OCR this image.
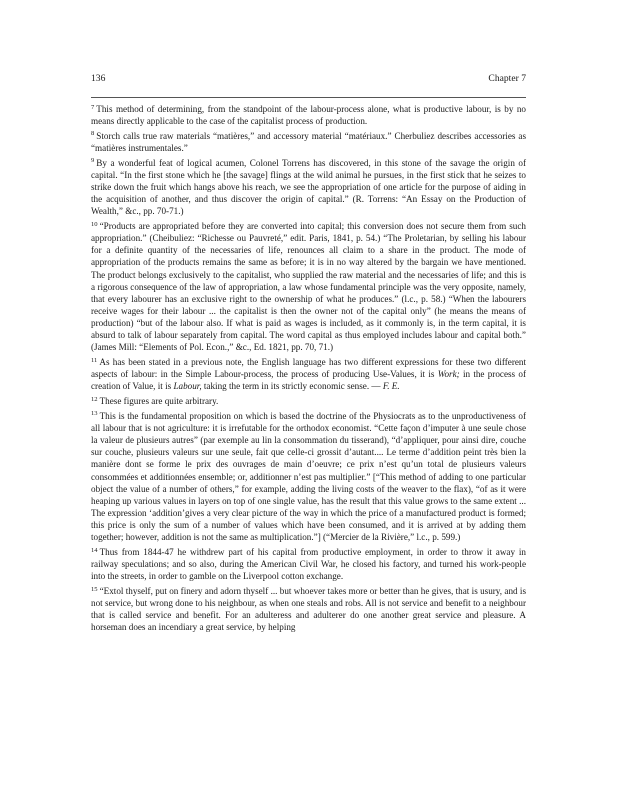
136	Chapter 7

$^7$ This method of determining, from the standpoint of the labour-process alone, what is productive labour, is by no means directly applicable to the case of the capitalist process of production.

$^8$ Storch calls true raw materials “matières,” and accessory material “matériaux.” Cherbuliez describes accessories as “matières instrumentales.”

$^9$ By a wonderful feat of logical acumen, Colonel Torrens has discovered, in this stone of the savage the origin of capital. “In the first stone which he [the savage] flings at the wild animal he pursues, in the first stick that he seizes to strike down the fruit which hangs above his reach, we see the appropriation of one article for the purpose of aiding in the acquisition of another, and thus discover the origin of capital.” (R. Torrens: “An Essay on the Production of Wealth,” &c., pp. 70-71.)

$^{10}$ “Products are appropriated before they are converted into capital; this conversion does not secure them from such appropriation.” (Cheibuliez: “Richesse ou Pauvreté,” edit. Paris, 1841, p. 54.) “The Proletarian, by selling his labour for a definite quantity of the necessaries of life, renounces all claim to a share in the product. The mode of appropriation of the products remains the same as before; it is in no way altered by the bargain we have mentioned. The product belongs exclusively to the capitalist, who supplied the raw material and the necessaries of life; and this is a rigorous consequence of the law of appropriation, a law whose fundamental principle was the very opposite, namely, that every labourer has an exclusive right to the ownership of what he produces.” (l.c., p. 58.) “When the labourers receive wages for their labour ... the capitalist is then the owner not of the capital only” (he means the means of production) “but of the labour also. If what is paid as wages is included, as it commonly is, in the term capital, it is absurd to talk of labour separately from capital. The word capital as thus employed includes labour and capital both.” (James Mill: “Elements of Pol. Econ.,” &c., Ed. 1821, pp. 70, 71.)

$^{11}$ As has been stated in a previous note, the English language has two different expressions for these two different aspects of labour: in the Simple Labour-process, the process of producing Use-Values, it is Work; in the process of creation of Value, it is Labour, taking the term in its strictly economic sense. — F. E.

$^{12}$ These figures are quite arbitrary.

$^{13}$ This is the fundamental proposition on which is based the doctrine of the Physiocrats as to the unproductiveness of all labour that is not agriculture: it is irrefutable for the orthodox economist. “Cette façon d’imputer à une seule chose la valeur de plusieurs autres” (par exemple au lin la consommation du tisserand), “d’appliquer, pour ainsi dire, couche sur couche, plusieurs valeurs sur une seule, fait que celle-ci grossit d’autant.... Le terme d’addition peint très bien la manière dont se forme le prix des ouvrages de main d’oeuvre; ce prix n’est qu’un total de plusieurs valeurs consommées et additionnées ensemble; or, additionner n’est pas multiplier.” [“This method of adding to one particular object the value of a number of others,” for example, adding the living costs of the weaver to the flax), “of as it were heaping up various values in layers on top of one single value, has the result that this value grows to the same extent ... The expression ‘addition’gives a very clear picture of the way in which the price of a manufactured product is formed; this price is only the sum of a number of values which have been consumed, and it is arrived at by adding them together; however, addition is not the same as multiplication.”] (“Mercier de la Rivière,” l.c., p. 599.)

$^{14}$ Thus from 1844-47 he withdrew part of his capital from productive employment, in order to throw it away in railway speculations; and so also, during the American Civil War, he closed his factory, and turned his work-people into the streets, in order to gamble on the Liverpool cotton exchange.

$^{15}$ “Extol thyself, put on finery and adorn thyself ... but whoever takes more or better than he gives, that is usury, and is not service, but wrong done to his neighbour, as when one steals and robs. All is not service and benefit to a neighbour that is called service and benefit. For an adulteress and adulterer do one another great service and pleasure. A horseman does an incendiary a great service, by helping
